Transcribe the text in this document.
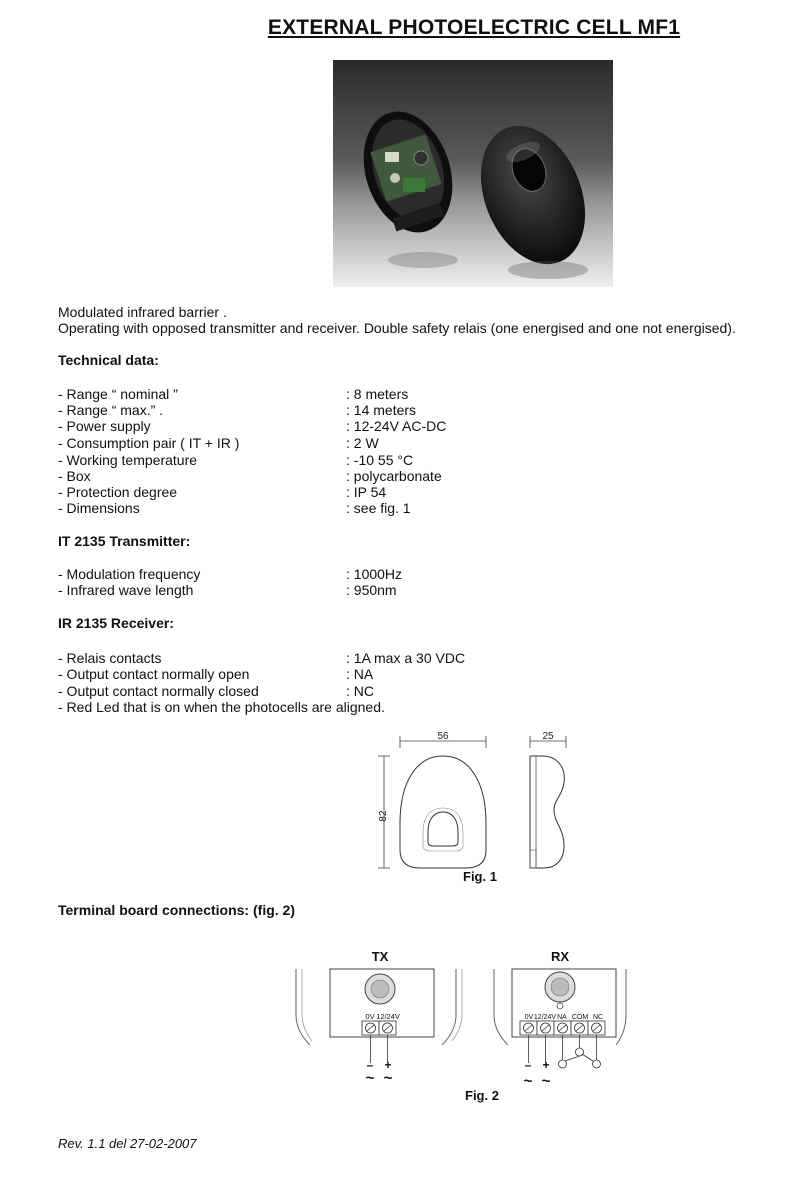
EXTERNAL PHOTOELECTRIC CELL MF1
Modulated infrared barrier .
Operating with opposed transmitter and receiver. Double safety relais (one energised and one not energised).
Technical data:
- Range “ nominal ”	: 8 meters
- Range “ max.” .	: 14 meters
- Power supply	: 12-24V AC-DC
- Consumption pair ( IT + IR )	: 2 W
- Working temperature	: -10 55 °C
- Box	: polycarbonate
- Protection degree	: IP 54
- Dimensions	: see fig. 1
IT 2135 Transmitter:
- Modulation frequency	: 1000Hz
- Infrared wave length	: 950nm
IR 2135 Receiver:
- Relais contacts	: 1A max a 30 VDC
- Output contact normally open	: NA
- Output contact normally closed	: NC
- Red Led that is on when the photocells are aligned.
56
82
25
Fig. 1
Terminal board connections: (fig. 2)
TX
0V 12/24V
– +
~ ~
RX
0V 12/24V NA COM NC
– +
~ ~
Fig. 2
Rev. 1.1 del 27-02-2007
